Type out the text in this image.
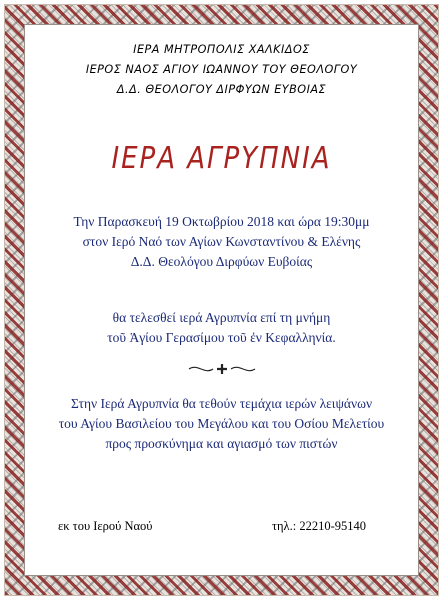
ΙΕΡΑ ΜΗΤΡΟΠΟΛΙΣ ΧΑΛΚΙΔΟΣ
ΙΕΡΟΣ ΝΑΟΣ ΑΓΙΟΥ ΙΩΑΝΝΟΥ ΤΟΥ ΘΕΟΛΟΓΟΥ
Δ.Δ. ΘΕΟΛΟΓΟΥ ΔΙΡΦΥΩΝ ΕΥΒΟΙΑΣ
ΙΕΡΑ ΑΓΡΥΠΝΙΑ
Την Παρασκευή 19 Οκτωβρίου 2018 και ώρα 19:30μμ
στον Ιερό Ναό των Αγίων Κωνσταντίνου & Ελένης
Δ.Δ. Θεολόγου Διρφύων Ευβοίας
θα τελεσθεί ιερά Αγρυπνία επί τη μνήμη
τοῦ Ἁγίου Γερασίμου τοῦ ἐν Κεφαλληνία.
Στην Ιερά Αγρυπνία θα τεθούν τεμάχια ιερών λειψάνων
του Αγίου Βασιλείου του Μεγάλου και του Οσίου Μελετίου
προς προσκύνημα και αγιασμό των πιστών
εκ του Ιερού Ναού	τηλ.: 22210-95140
